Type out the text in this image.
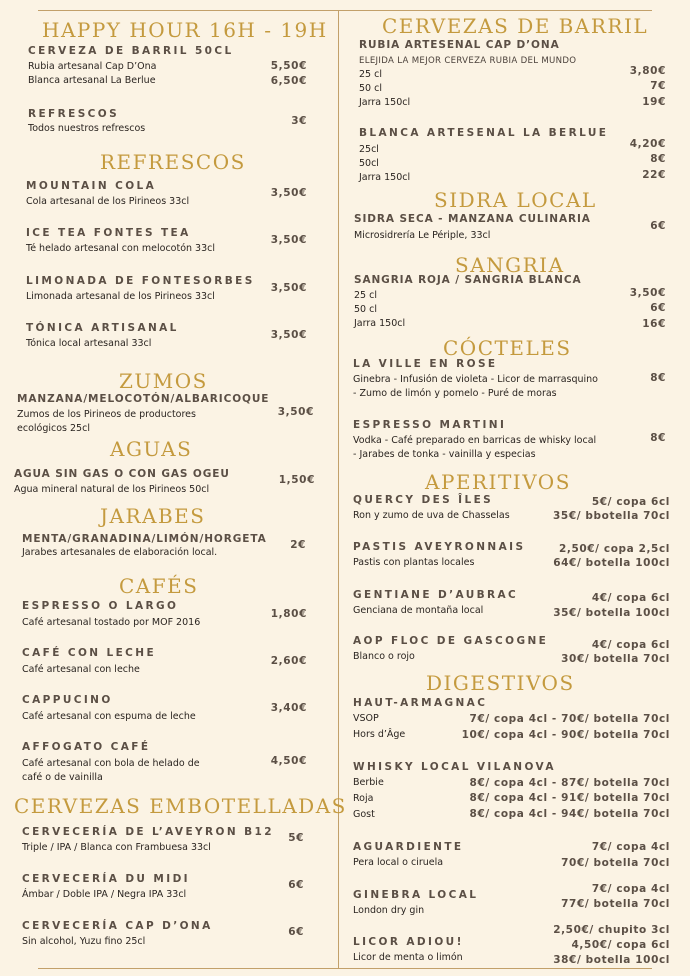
HAPPY HOUR 16H - 19H
CERVEZA DE BARRIL 50CL
Rubia artesanal Cap D’Ona
Blanca artesanal La Berlue
5,50€
6,50€
REFRESCOS
Todos nuestros refrescos
3€
REFRESCOS
MOUNTAIN COLA
Cola artesanal de los Pirineos 33cl
3,50€
ICE TEA FONTES TEA
Té helado artesanal con melocotón 33cl
3,50€
LIMONADA DE FONTESORBES
Limonada artesanal de los Pirineos 33cl
3,50€
TÓNICA ARTISANAL
Tónica local artesanal 33cl
3,50€
ZUMOS
MANZANA/MELOCOTÓN/ALBARICOQUE
Zumos de los Pirineos de productores
ecológicos 25cl
3,50€
AGUAS
AGUA SIN GAS O CON GAS OGEU
Agua mineral natural de los Pirineos 50cl
1,50€
JARABES
MENTA/GRANADINA/LIMÓN/HORGETA
Jarabes artesanales de elaboración local.
2€
CAFÉS
ESPRESSO O LARGO
Café artesanal tostado por MOF 2016
1,80€
CAFÉ CON LECHE
Café artesanal con leche
2,60€
CAPPUCINO
Café artesanal con espuma de leche
3,40€
AFFOGATO CAFÉ
Café artesanal con bola de helado de
café o de vainilla
4,50€
CERVEZAS EMBOTELLADAS
CERVECERÍA DE L’AVEYRON B12
Triple / IPA / Blanca con Frambuesa 33cl
5€
CERVECERÍA DU MIDI
Ámbar / Doble IPA / Negra IPA 33cl
6€
CERVECERÍA CAP D’ONA
Sin alcohol, Yuzu fino 25cl
6€
CERVEZAS DE BARRIL
RUBIA ARTESENAL CAP D’ONA
ELEJIDA LA MEJOR CERVEZA RUBIA DEL MUNDO
25 cl
50 cl
Jarra 150cl
3,80€
7€
19€
BLANCA ARTESENAL LA BERLUE
25cl
50cl
Jarra 150cl
4,20€
8€
22€
SIDRA LOCAL
SIDRA SECA - MANZANA CULINARIA
Microsidrería Le Périple, 33cl
6€
SANGRIA
SANGRIA ROJA / SANGRIA BLANCA
25 cl
50 cl
Jarra 150cl
3,50€
6€
16€
CÓCTELES
LA VILLE EN ROSE
Ginebra - Infusión de violeta - Licor de marrasquino
- Zumo de limón y pomelo - Puré de moras
8€
ESPRESSO MARTINI
Vodka - Café preparado en barricas de whisky local
- Jarabes de tonka - vainilla y especias
8€
APERITIVOS
QUERCY DES ÎLES
Ron y zumo de uva de Chasselas
5€/ copa 6cl
35€/ bbotella 70cl
PASTIS AVEYRONNAIS
Pastis con plantas locales
2,50€/ copa 2,5cl
64€/ botella 100cl
GENTIANE D’AUBRAC
Genciana de montaña local
4€/ copa 6cl
35€/ botella 100cl
AOP FLOC DE GASCOGNE
Blanco o rojo
4€/ copa 6cl
30€/ botella 70cl
DIGESTIVOS
HAUT-ARMAGNAC
VSOP
Hors d’Âge
7€/ copa 4cl - 70€/ botella 70cl
10€/ copa 4cl - 90€/ botella 70cl
WHISKY LOCAL VILANOVA
Berbie
Roja
Gost
8€/ copa 4cl - 87€/ botella 70cl
8€/ copa 4cl - 91€/ botella 70cl
8€/ copa 4cl - 94€/ botella 70cl
AGUARDIENTE
Pera local o ciruela
7€/ copa 4cl
70€/ botella 70cl
GINEBRA LOCAL
London dry gin
7€/ copa 4cl
77€/ botella 70cl
LICOR ADIOU!
Licor de menta o limón
2,50€/ chupito 3cl
4,50€/ copa 6cl
38€/ botella 100cl
